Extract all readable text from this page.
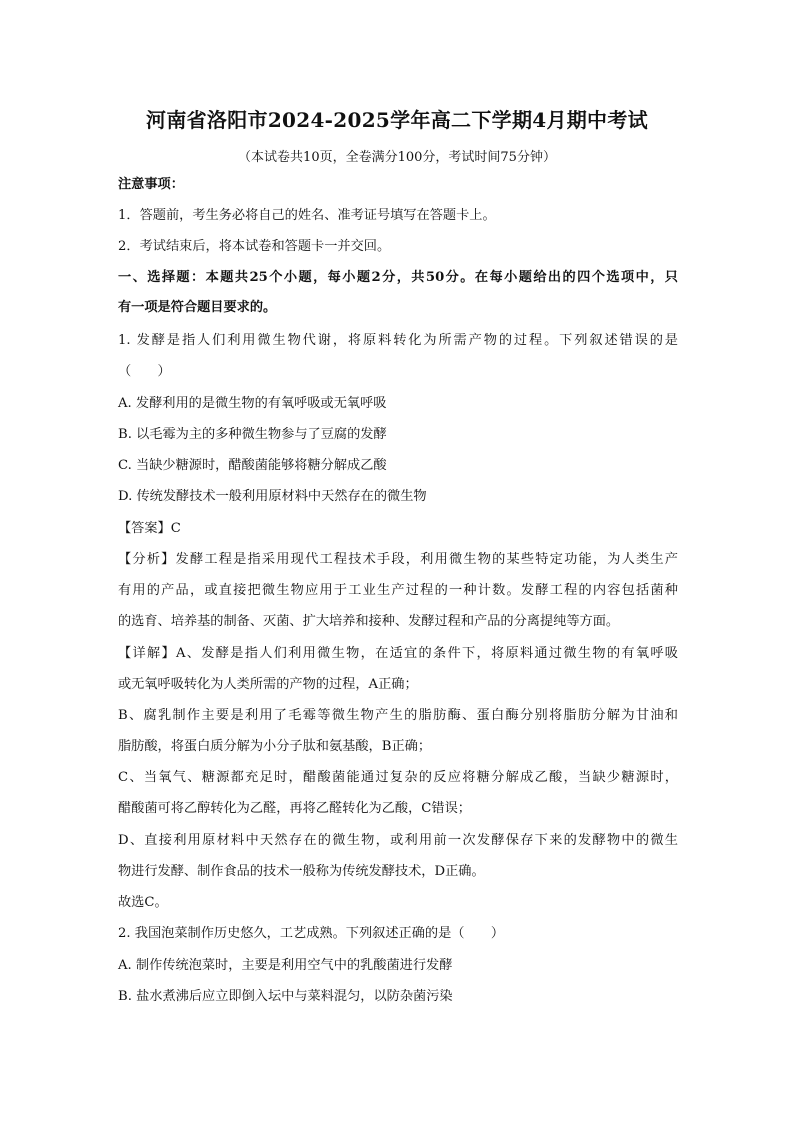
河南省洛阳市2024-2025学年高二下学期4月期中考试
（本试卷共10页，全卷满分100分，考试时间75分钟）
注意事项：
1．答题前，考生务必将自己的姓名、准考证号填写在答题卡上。
2．考试结束后，将本试卷和答题卡一并交回。
一、选择题：本题共25个小题，每小题2分，共50分。在每小题给出的四个选项中，只
有一项是符合题目要求的。
1. 发酵是指人们利用微生物代谢，将原料转化为所需产物的过程。下列叙述错误的是
（　　）
A. 发酵利用的是微生物的有氧呼吸或无氧呼吸
B. 以毛霉为主的多种微生物参与了豆腐的发酵
C. 当缺少糖源时，醋酸菌能够将糖分解成乙酸
D. 传统发酵技术一般利用原材料中天然存在的微生物
【答案】C
【分析】发酵工程是指采用现代工程技术手段，利用微生物的某些特定功能，为人类生产
有用的产品，或直接把微生物应用于工业生产过程的一种计数。发酵工程的内容包括菌种
的选育、培养基的制备、灭菌、扩大培养和接种、发酵过程和产品的分离提纯等方面。
【详解】A、发酵是指人们利用微生物，在适宜的条件下，将原料通过微生物的有氧呼吸
或无氧呼吸转化为人类所需的产物的过程，A正确；
B、腐乳制作主要是利用了毛霉等微生物产生的脂肪酶、蛋白酶分别将脂肪分解为甘油和
脂肪酸，将蛋白质分解为小分子肽和氨基酸，B正确；
C、当氧气、糖源都充足时，醋酸菌能通过复杂的反应将糖分解成乙酸，当缺少糖源时，
醋酸菌可将乙醇转化为乙醛，再将乙醛转化为乙酸，C错误；
D、直接利用原材料中天然存在的微生物，或利用前一次发酵保存下来的发酵物中的微生
物进行发酵、制作食品的技术一般称为传统发酵技术，D正确。
故选C。
2. 我国泡菜制作历史悠久，工艺成熟。下列叙述正确的是（　　）
A. 制作传统泡菜时，主要是利用空气中的乳酸菌进行发酵
B. 盐水煮沸后应立即倒入坛中与菜料混匀，以防杂菌污染
